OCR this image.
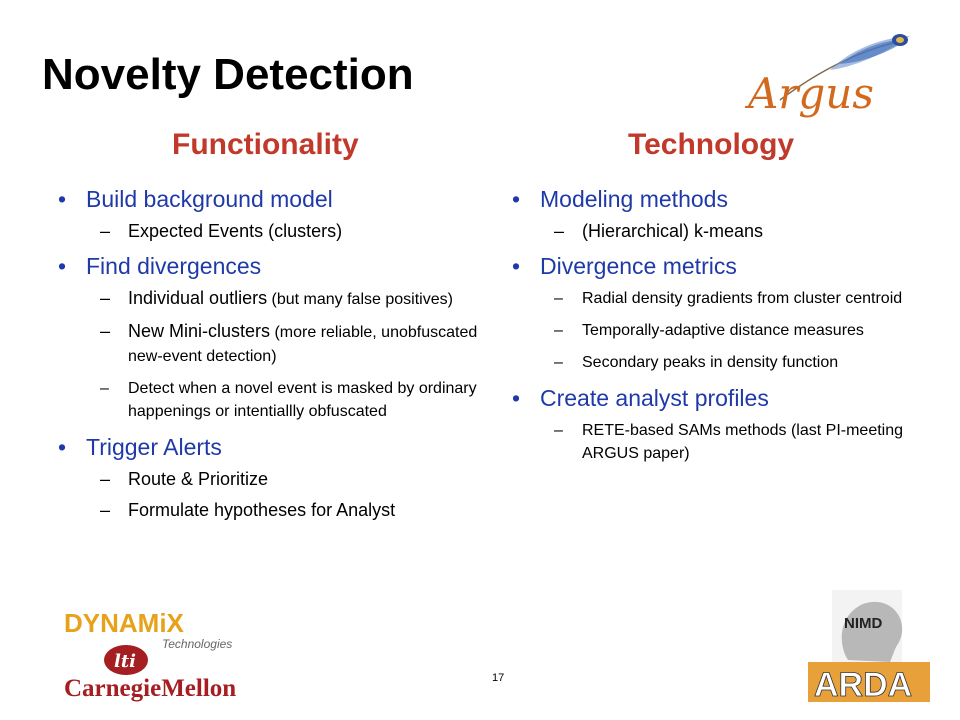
Novelty Detection	Argus
Functionality	Technology
• Build background model
– Expected Events (clusters)
• Find divergences
– Individual outliers (but many false positives)
– New Mini-clusters (more reliable, unobfuscated new-event detection)
– Detect when a novel event is masked by ordinary happenings or intentiallly obfuscated
• Trigger Alerts
– Route & Prioritize
– Formulate hypotheses for Analyst
• Modeling methods
– (Hierarchical) k-means
• Divergence metrics
– Radial density gradients from cluster centroid
– Temporally-adaptive distance measures
– Secondary peaks in density function
• Create analyst profiles
– RETE-based SAMs methods (last PI-meeting ARGUS paper)
DYNAMiX
Technologies
lti
CarnegieMellon
NIMD
ARDA
17
